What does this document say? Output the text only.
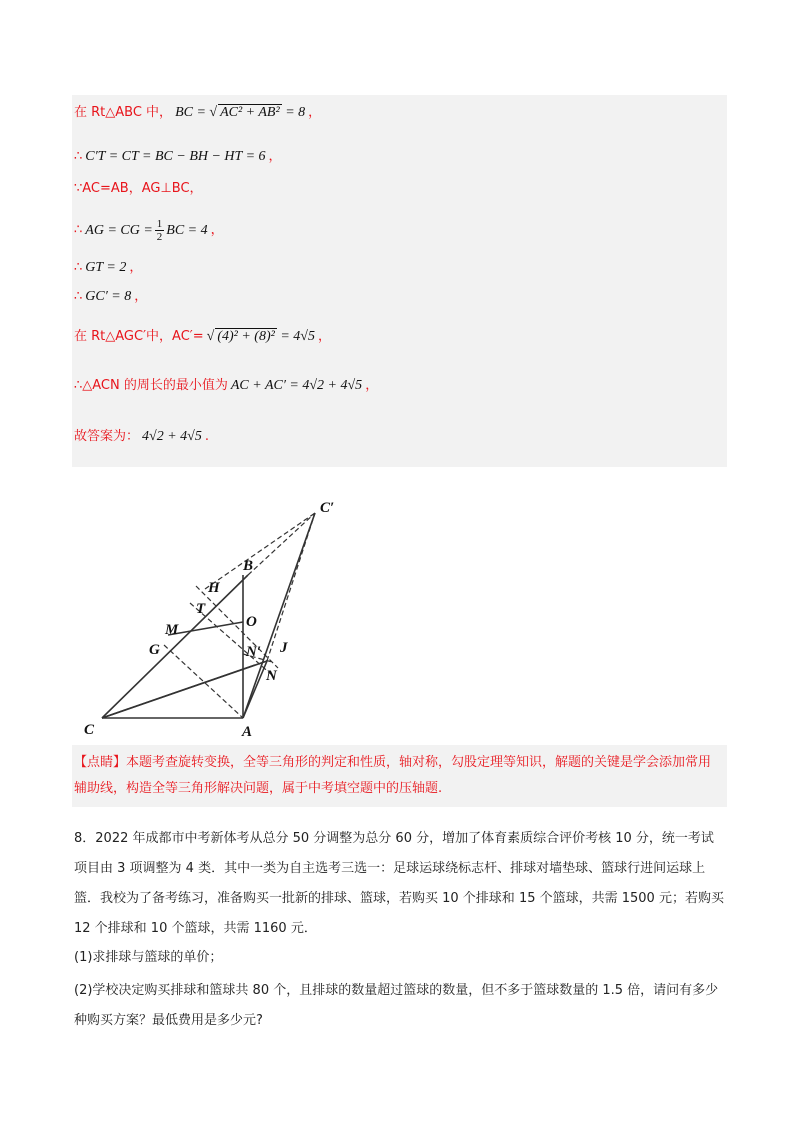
在 Rt△ABC 中， BC = √ AC² + AB² = 8 ，
∴ C′T = CT = BC − BH − HT = 6 ，
∵AC=AB，AG⊥BC，
∴ AG = CG = $\frac{1}{2}$ BC = 4 ，
∴ GT = 2 ，
∴ GC′ = 8 ，
在 Rt△AGC′中，AC′= √ (4)² + (8)² = 4√5 ，
∴△ACN 的周长的最小值为 AC + AC′ = 4√2 + 4√5 ，
故答案为： 4√2 + 4√5 .
C′
B
H
T
M
G
O
N′ J
N
C	A
【点睛】本题考查旋转变换，全等三角形的判定和性质，轴对称，勾股定理等知识，解题的关键是学会添加常用辅助线，构造全等三角形解决问题，属于中考填空题中的压轴题.
8．2022 年成都市中考新体考从总分 50 分调整为总分 60 分，增加了体育素质综合评价考核 10 分，统一考试项目由 3 项调整为 4 类．其中一类为自主选考三选一：足球运球绕标志杆、排球对墙垫球、篮球行进间运球上篮．我校为了备考练习，准备购买一批新的排球、篮球，若购买 10 个排球和 15 个篮球，共需 1500 元；若购买 12 个排球和 10 个篮球，共需 1160 元．
(1)求排球与篮球的单价；
(2)学校决定购买排球和篮球共 80 个，且排球的数量超过篮球的数量，但不多于篮球数量的 1.5 倍，请问有多少种购买方案？最低费用是多少元?
